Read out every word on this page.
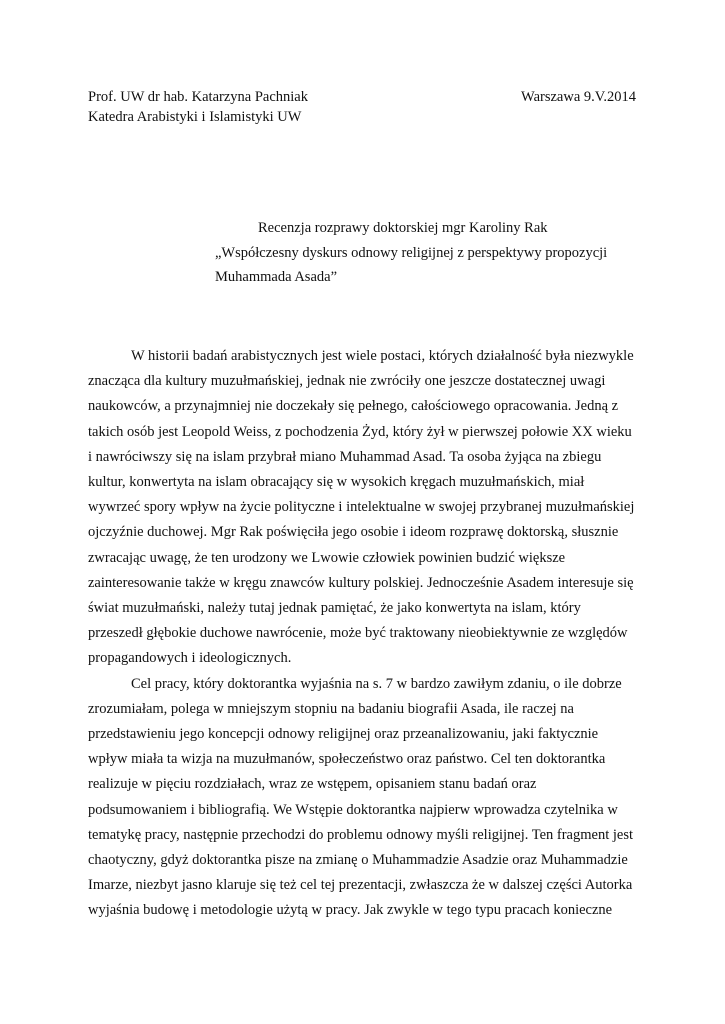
Prof. UW dr hab. Katarzyna Pachniak
Katedra Arabistyki i Islamistyki UW
Warszawa 9.V.2014
Recenzja rozprawy doktorskiej mgr Karoliny Rak
„Współczesny dyskurs odnowy religijnej z perspektywy propozycji
Muhammada Asada”
W historii badań arabistycznych jest wiele postaci, których działalność była niezwykle
znacząca dla kultury muzułmańskiej, jednak nie zwróciły one jeszcze dostatecznej uwagi
naukowców, a przynajmniej nie doczekały się pełnego, całościowego opracowania. Jedną z
takich osób jest Leopold Weiss, z pochodzenia Żyd, który żył w pierwszej połowie XX wieku
i nawróciwszy się na islam przybrał miano Muhammad Asad. Ta osoba żyjąca na zbiegu
kultur, konwertyta na islam obracający się w wysokich kręgach muzułmańskich, miał
wywrzeć spory wpływ na życie polityczne i intelektualne w swojej przybranej muzułmańskiej
ojczyźnie duchowej. Mgr Rak poświęciła jego osobie i ideom rozprawę doktorską, słusznie
zwracając uwagę, że ten urodzony we Lwowie człowiek powinien budzić większe
zainteresowanie także w kręgu znawców kultury polskiej. Jednocześnie Asadem interesuje się
świat muzułmański, należy tutaj jednak pamiętać, że jako konwertyta na islam, który
przeszedł głębokie duchowe nawrócenie, może być traktowany nieobiektywnie ze względów
propagandowych i ideologicznych.
Cel pracy, który doktorantka wyjaśnia na s. 7 w bardzo zawiłym zdaniu, o ile dobrze
zrozumiałam, polega w mniejszym stopniu na badaniu biografii Asada, ile raczej na
przedstawieniu jego koncepcji odnowy religijnej oraz przeanalizowaniu, jaki faktycznie
wpływ miała ta wizja na muzułmanów, społeczeństwo oraz państwo. Cel ten doktorantka
realizuje w pięciu rozdziałach, wraz ze wstępem, opisaniem stanu badań oraz
podsumowaniem i bibliografią. We Wstępie doktorantka najpierw wprowadza czytelnika w
tematykę pracy, następnie przechodzi do problemu odnowy myśli religijnej. Ten fragment jest
chaotyczny, gdyż doktorantka pisze na zmianę o Muhammadzie Asadzie oraz Muhammadzie
Imarze, niezbyt jasno klaruje się też cel tej prezentacji, zwłaszcza że w dalszej części Autorka
wyjaśnia budowę i metodologie użytą w pracy. Jak zwykle w tego typu pracach konieczne
